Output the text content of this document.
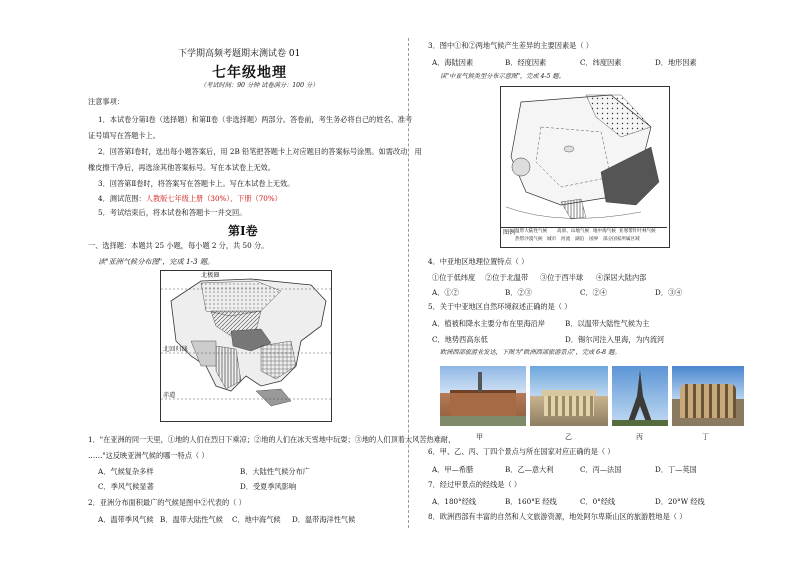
下学期高频考题期末测试卷 01
七年级地理
（考试时间：90 分钟 试卷满分：100 分）
注意事项：
1．本试卷分第Ⅰ卷（选择题）和第Ⅱ卷（非选择题）两部分。答卷前，考生务必将自己的姓名、准考
证号填写在答题卡上。
2．回答第Ⅰ卷时，选出每小题答案后，用 2B 铅笔把答题卡上对应题目的答案标号涂黑。如需改动，用
橡皮擦干净后，再选涂其他答案标号。写在本试卷上无效。
3．回答第Ⅱ卷时，将答案写在答题卡上。写在本试卷上无效。
4．测试范围：人教版七年级上册（30%）、下册（70%）
5．考试结束后，将本试卷和答题卡一并交回。
第Ⅰ卷
一、选择题：本题共 25 小题，每小题 2 分，共 50 分。
读"亚洲气候分布图"，完成 1-3 题。
北极圈
北回归线
赤道
1．"在亚洲的同一天里，①地的人们在烈日下乘凉；②地的人们在冰天雪地中玩耍；③地的人们顶着大风苦热难耐，
……"这反映亚洲气候的哪一特点（ ）
A．气候复杂多样	B．大陆性气候分布广
C．季风气候显著	D．受夏季风影响
2．亚洲分布面积最广的气候是图中②代表的（ ）
A．温带季风气候 B．温带大陆性气候 C．地中海气候 D．温带海洋性气候
3．图中①和②两地气候产生差异的主要因素是（ ）
A．海陆因素	B．经度因素	C．纬度因素	D．地形因素
读"中亚气候类型分布示意图"，完成 4-5 题。
图例 温带大陆性气候 高原、山地气候 地中海气候 亚寒带针叶林气候
热带沙漠气候 城市 河流 湖泊 国界 部分国家所属区域
4．中亚地区地理位置特点（ ）
①位于低纬度 ②位于北温带 ③位于西半球 ④深居大陆内部
A．①②	B．②③	C．②④	D．③④
5．关于中亚地区自然环境叙述正确的是（ ）
A．植被和降水主要分布在里海沿岸	B．以温带大陆性气候为主
C．地势西高东低	D．锡尔河注入里海，为内流河
欧洲西部旅游业发达，下图为"欧洲西部旅游景点"，完成 6-8 题。
甲	乙	丙	丁
6．甲、乙、丙、丁四个景点与所在国家对应正确的是（ ）
A．甲—希腊	B．乙—意大利	C．丙—法国	D．丁—英国
7．经过甲景点的经线是（ ）
A．180°经线	B．160°E 经线	C．0°经线	D．20°W 经线
8．欧洲西部有丰富的自然和人文旅游资源，地处阿尔卑斯山区的旅游胜地是（ ）
